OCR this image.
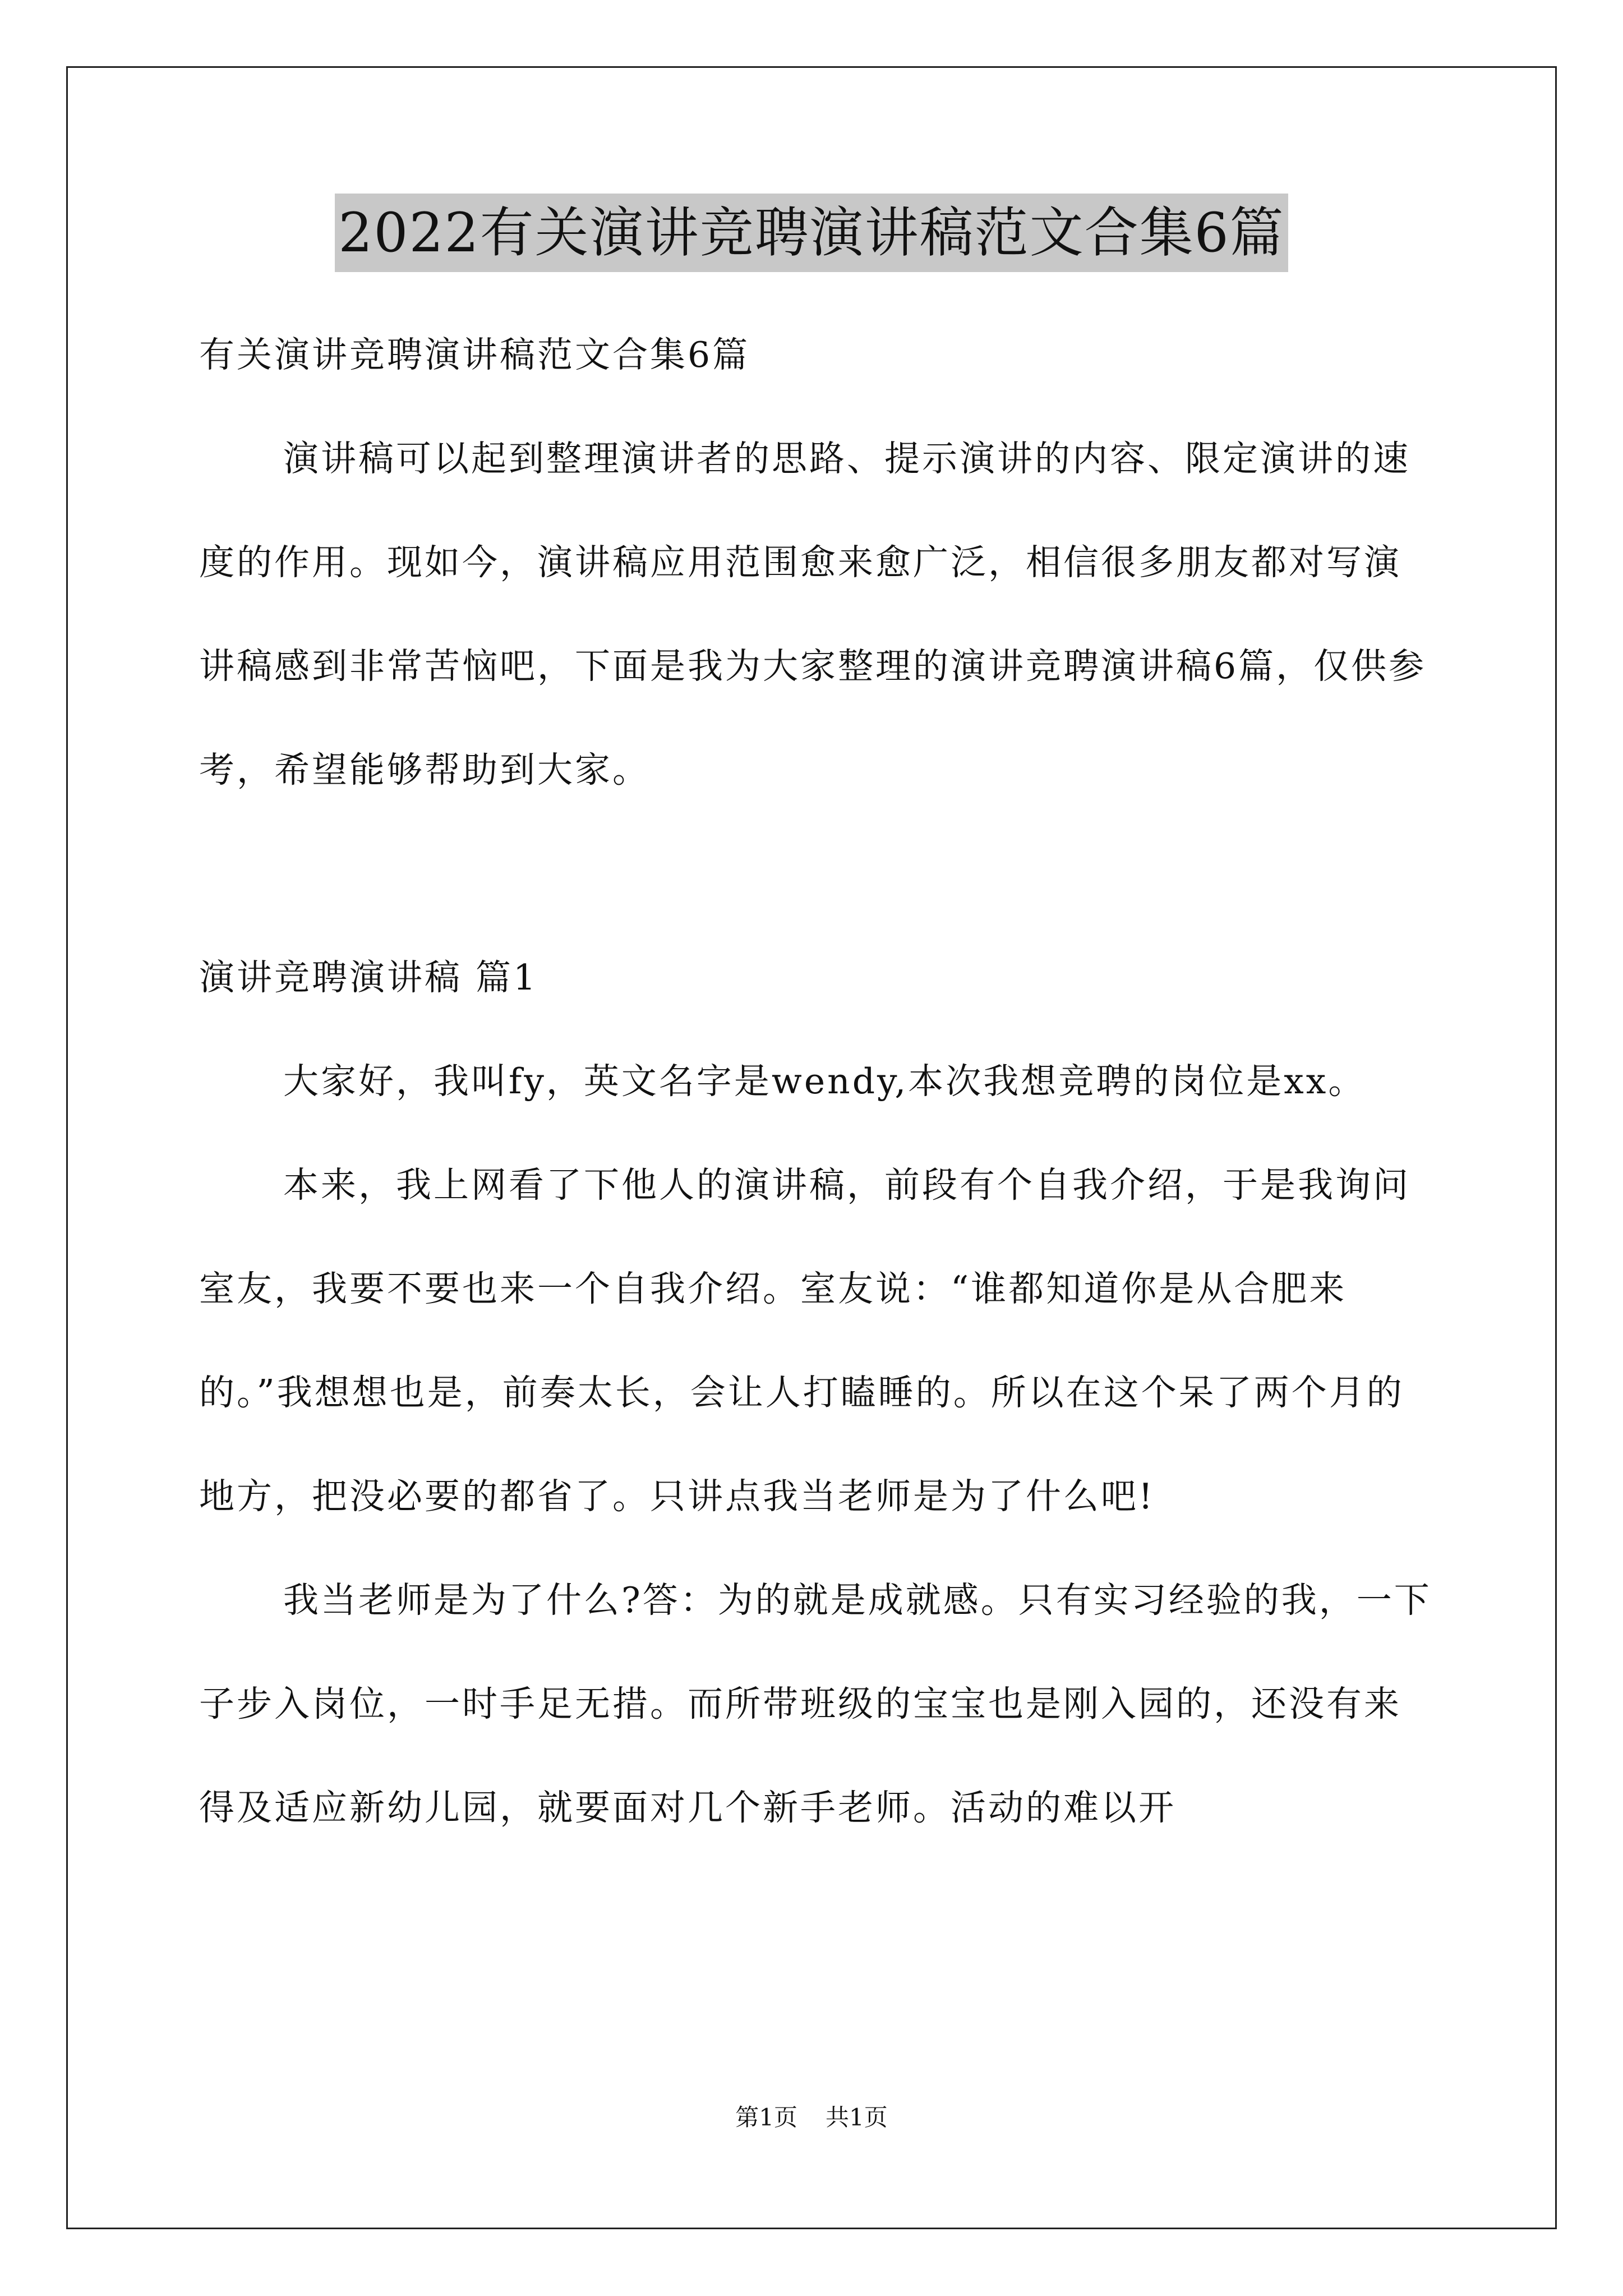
2022有关演讲竞聘演讲稿范文合集6篇

有关演讲竞聘演讲稿范文合集6篇

演讲稿可以起到整理演讲者的思路、提示演讲的内容、限定演讲的速度的作用。现如今，演讲稿应用范围愈来愈广泛，相信很多朋友都对写演讲稿感到非常苦恼吧，下面是我为大家整理的演讲竞聘演讲稿6篇，仅供参考，希望能够帮助到大家。

演讲竞聘演讲稿 篇1

大家好，我叫fy，英文名字是wendy,本次我想竞聘的岗位是xx。

本来，我上网看了下他人的演讲稿，前段有个自我介绍，于是我询问室友，我要不要也来一个自我介绍。室友说：“谁都知道你是从合肥来的。”我想想也是，前奏太长，会让人打瞌睡的。所以在这个呆了两个月的地方，把没必要的都省了。只讲点我当老师是为了什么吧!

我当老师是为了什么?答：为的就是成就感。只有实习经验的我，一下子步入岗位，一时手足无措。而所带班级的宝宝也是刚入园的，还没有来得及适应新幼儿园，就要面对几个新手老师。活动的难以开

第1页 共1页
